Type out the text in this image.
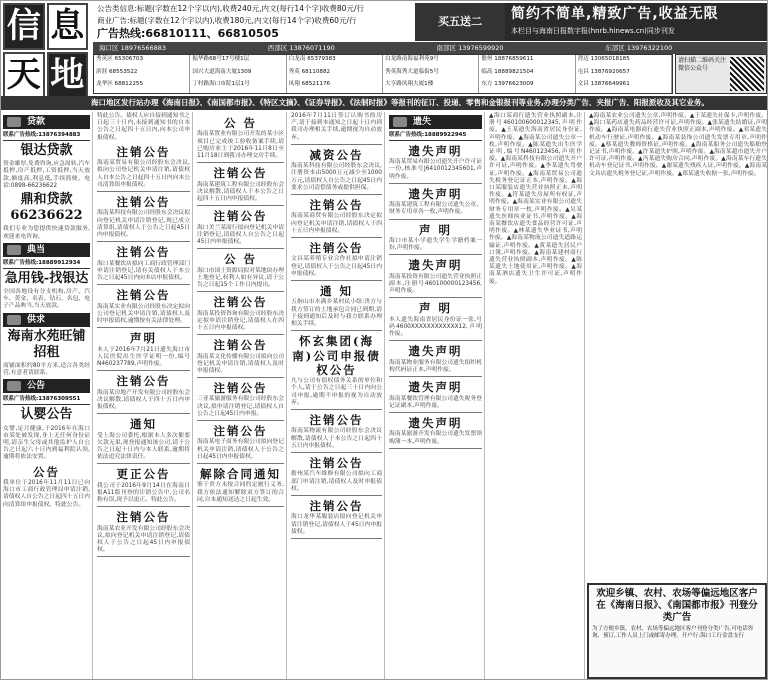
信 息
天 地
公告类信息:标题(字数在12个字以内),收费240元,内文(每行14个字)收费80元/行
商业广告:标题(字数在12个字以内),收费180元,内文(每行14个字)收费60元/行
广告热线:66810111、66810505
买五送二	简约不简单,精致广告,收益无限
本栏目与海南日报数字报(hnrb.hinews.cn)同步刊发
海口区 18976566883	西部区 13876071190	南部区 13976599920	东部区 13976322100
秀英区 65306703	振华路68号17号楼1层	白龙南 65379383	白龙路南海福利苑9号	儋州 18876859611	澄迈 13065018185
滨涯 68553522	国兴大道海南大厦1309	秀英 68110882	秀英海秀大道临街5号	临高 18889821504	屯昌 13876920657
龙华区 68812255	丁村路海口市院1层1号	凤翔 68521176	大亨路凤翔大厦1楼	东方 13976623009	文昌 13876649961
请扫描二维码关注微信公众号
海口地区发行站办理《海南日报》、《南国都市报》、《特区文摘》、《证券导报》、《法制时报》等报刊的征订、投递、零售和金银报刊等业务,办理分类广告、夹报广告、阳报派收及其它业务。
贷款
联系广告热线:13876394883
银达贷款
资金雄厚,免费咨询,应急周转,汽车抵押,房产抵押,工资抵押,当天放款,额度高,利息低,手续简便。电话:0898-66236622
鼎和贷款66236622
我们专业为您提供快速贷款服务,欢迎来电咨询。
典当
联系广告热线:18889912934
急用钱-找银达
全国各地设有分支机构,房产、汽车、黄金、名表、钻石、名包、电子产品典当,当天放款。
供求
海南水苑旺铺招租
商铺面积约80平方米,适合各类经营,有意者请联系。
公告
联系广告热线:13876309551
认婴公告
女婴,足月健康,于2016年在海口市某处被发现,身上无任何身份证明,请亲生父母或其他监护人自公告之日起六十日内到福利院认领,逾期将依法安置。
公告
我单位于2016年11月11日已向海口市工商行政管理局申请注销,请债权人自公告之日起四十五日内向清算组申报债权。特此公告。
特此公告。债权人应自接到通知书之日起三十日内,未接到通知书的自本公告之日起四十五日内,向本公司申报债权。
注销公告
海南某贸易有限公司经股东会决议,拟向公司登记机关申请注销,请债权人自本公告之日起四十五日内向本公司清算组申报债权。
注销公告
海南某科技有限公司经股东会决议拟向登记机关申请注销登记,现已成立清算组,请债权人于公告之日起45日内申报债权。
注销公告
海口某餐饮店拟向工商行政管理部门申请注销登记,请有关债权人于本公告之日起45日内向本店申报债权。
注销公告
海南某实业有限公司经股东决定拟向公司登记机关申请注销,请债权人及时申报债权,逾期按有关法律处理。
声明
本人于2016年7月21日遗失海口市人民医院出生医学证明一份,编号N460237789,声明作废。
注销公告
海南某房地产开发有限公司经股东会决议解散,请债权人于四十五日内申报债权。
通知
受上海公司委托,根据本人多次催要欠款无果,现登报通知该公司,请于公告之日起十日内与本人联系,逾期将依法追究法律责任。
更正公告
我公司于2016年9月14日在海南日报A11版刊登的注销公告中,公司名称有误,现予以更正。特此公告。
注销公告
海南某农业开发有限公司经股东会决议,拟向登记机关申请注销登记,请债权人于公告之日起45日内申报债权。
公 告
海南某置业有限公司开发的某小区项目已完成竣工验收备案手续,请已购房业主于2016年11月8日至11月18日到我司办理交房手续。
注销公告
海南某建筑工程有限公司经股东会决议解散,请债权人于本公告之日起四十五日内申报债权。
注销公告
海口美兰某商行拟向登记机关申请注销登记,请债权人自公告之日起45日内申报债权。
公 告
海口市国土资源局拟对某地块办理土地登记,权利人如有异议,请于公告之日起15个工作日内提出。
注销公告
海南某投资咨询有限公司经股东决定拟申请注销登记,请债权人在四十五日内申报债权。
注销公告
海南某文化传播有限公司拟向公司登记机关申请注销,请债权人及时申报债权。
注销公告
三亚某旅游服务有限公司经股东会决议,拟申请注销登记,请债权人自公告之日起45日内申报。
注销公告
海南某电子商务有限公司拟向登记机关申请注销,请债权人于公告之日起45日内申报债权。
解除合同通知
鉴于贵方未按合同约定履行义务,我方依法通知解除双方签订的合同,自本通知送达之日起生效。
2016年7月11日签订认购书的房产,请于接到本通知之日起十日内到我司办理相关手续,逾期视为自动放弃。
减资公告
海南某科技有限公司经股东会决议,注册资本由5000万元减少至1000万元,请债权人自公告之日起45日内要求公司清偿债务或提供担保。
注销公告
海南某商贸有限公司经股东决定拟向登记机关申请注销,请债权人于四十五日内申报债权。
注销公告
文昌某养殖专业合作社拟申请注销登记,请债权人于公告之日起45日内申报债权。
通 知
五指山市水满乡某村民小组:贵方与我方签订的土地承包合同已到期,请于接到通知后及时与我方联系办理相关手续。
怀玄集团(海南)公司申报债权公告
凡与公司有债权债务关系的单位和个人,请于公告之日起三十日内向公司申报,逾期不申报的视为自动放弃。
注销公告
海南某物流有限公司经股东会决议解散,请债权人于本公告之日起四十五日内申报债权。
注销公告
儋州某汽车维修有限公司拟向工商部门申请注销,请债权人及时申报债权。
注销公告
海口龙华某服装店拟向登记机关申请注销登记,请债权人于45日内申报债权。
遗失
联系广告热线:18889922945
遗失声明
海南某贸易有限公司遗失开户许可证一份,核准号J6410012345601,声明作废。
遗失声明
海南某建筑工程有限公司遗失公章、财务专用章各一枚,声明作废。
声 明
海口市某小学遗失学生学籍档案一份,声明作废。
遗失声明
海南某投资有限公司遗失营业执照正副本,注册号460100000123456,声明作废。
声 明
本人遗失海南省居民身份证一张,号码4600XXXXXXXXXXXX12,声明作废。
遗失声明
海南某物业服务有限公司遗失组织机构代码证正本,声明作废。
遗失声明
海南某餐饮管理有限公司遗失税务登记证副本,声明作废。
遗失声明
海南某旅游开发有限公司遗失发票领购簿一本,声明作废。
▲海口某商行遗失营业执照副本,注册号460100600012345,声明作废。▲王某遗失海南省居民身份证,声明作废。▲海南某公司遗失公章一枚,声明作废。▲陈某遗失出生医学证明,编号N460123456,声明作废。▲海南某科技有限公司遗失开户许可证,声明作废。▲李某遗失驾驶证,声明作废。▲海南某贸易公司遗失税务登记证正本,声明作废。▲海口某服装店遗失营业执照正本,声明作废。▲符某遗失房屋所有权证,声明作废。▲海南某实业有限公司遗失财务专用章一枚,声明作废。▲吴某遗失医师执业证书,声明作废。▲海南某餐饮店遗失食品经营许可证,声明作废。▲林某遗失毕业证书,声明作废。▲海南某物流公司遗失道路运输证,声明作废。▲黄某遗失居民户口簿,声明作废。▲海南某建材商行遗失营业执照副本,声明作废。▲陈某遗失土地使用证,声明作废。▲海南某酒店遗失卫生许可证,声明作废。
▲海南某农业公司遗失公章,声明作废。▲王某遗失社保卡,声明作废。▲海口某药店遗失药品经营许可证,声明作废。▲张某遗失结婚证,声明作废。▲海南某电器商行遗失营业执照正副本,声明作废。▲邓某遗失机动车行驶证,声明作废。▲海南某装饰公司遗失发票专用章,声明作废。▲蔡某遗失教师资格证,声明作废。▲海南某船务公司遗失船舶登记证书,声明作废。▲许某遗失护照,声明作废。▲海南某超市遗失开户许可证,声明作废。▲冯某遗失购房合同,声明作废。▲海南某车行遗失机动车登记证书,声明作废。▲谢某遗失残疾人证,声明作废。▲海南某文具店遗失税务登记证,声明作废。▲郑某遗失收据一张,声明作废。
欢迎乡镇、农村、农场等偏远地区客户在《海南日报》、《南国都市报》刊登分类广告
为了方便乡镇、农村、农场等偏远地区客户刊登分类广告,可电话咨询、预订,工作人员上门或邮寄办理。开户行:海口工行金盘支行
